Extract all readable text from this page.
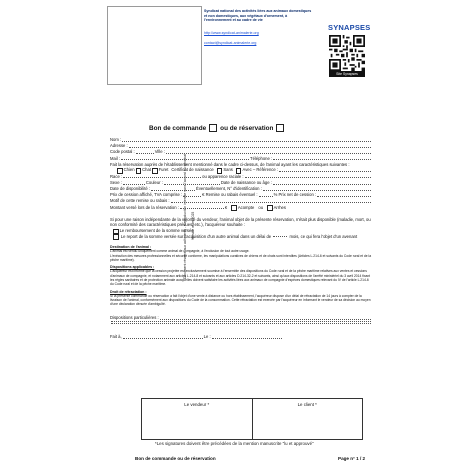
Syndicat national des activités liées aux animaux domestiques et non domestiques, aux végétaux d'ornement, à l'environnement et au cadre de vie
http://www.syndicat-animalerie.org
contact@syndicat-animalerie.org
SYNAPSES
Site Synapses
Document réservé aux adhérents - Reproduction interdite sans l'accord du syndicat Version mars 2025
Bon de commande ou de réservation
Nom :
Adresse :
Code postal :	Ville :
Mail :	Téléphone :
Fait la réservation auprès de l'établissement mentionné dans le cadre ci-dessus, de l'animal ayant les caractéristiques suivantes :
Chien Chat Furet Certificat de naissance Sans Avec – Référence :
Race :	ou apparence raciale :
Sexe :	Couleur :	Date de naissance ou âge :
Date de disponibilité :	Éventuellement, N° d'identification :
Prix de cession affiché, TVA comprise :	€ Remise ou rabais éventuel :	% Prix net de cession :
Motif de cette remise ou rabais :
Montant versé lors de la réservation :	€	Acompte ou	Arrhes
Si pour une raison indépendante de la volonté du vendeur, l'animal objet de la présente réservation, n'était plus disponible (maladie, mort, ou non conformité des caractéristiques prévues, etc.), l'acquéreur souhaite :
Le remboursement de la somme versée
Le report de la somme versée sur l'acquisition d'un autre animal dans un délai de	mois, ce qui fera l'objet d'un avenant
Destination de l'animal :
L'animal est vendu uniquement comme animal de compagnie, à l'exclusion de tout autre usage.
L'exécution des mesures professionnelles et sécurité conforme, les manipulations curatives de chiens et de chats sont interdites (Articles L.214-6 et suivants du Code rural et de la pêche maritime).
Dispositions applicables :
L'acquéreur est informé que la cession projetée est exclusivement soumise à l'ensemble des dispositions du Code rural et de la pêche maritime relatives aux ventes et cessions d'animaux de compagnie, et notamment aux articles L.214-8 et suivants et aux articles D.214-32-2 et suivants, ainsi qu'aux dispositions de l'arrêté ministériel du 3 avril 2014 fixant les règles sanitaires et de protection animale auxquelles doivent satisfaire les activités liées aux animaux de compagnie d'espèces domestiques relevant du IV de l'article L.214-6 du Code rural et de la pêche maritime.
Droit de rétractation :
Si la présente commande ou réservation a fait l'objet d'une vente à distance ou hors établissement, l'acquéreur dispose d'un délai de rétractation de 14 jours à compter de la livraison de l'animal, conformément aux dispositions du Code de la consommation. Cette rétractation est exercée par l'acquéreur en informant le vendeur de sa décision au moyen d'une déclaration dénuée d'ambiguïté.
Dispositions particulières :
Fait à,	Le :
Le vendeur *	Le client *
*Les signatures doivent être précédées de la mention manuscrite "lu et approuvé"
Bon de commande ou de réservation	Page n° 1 / 2
